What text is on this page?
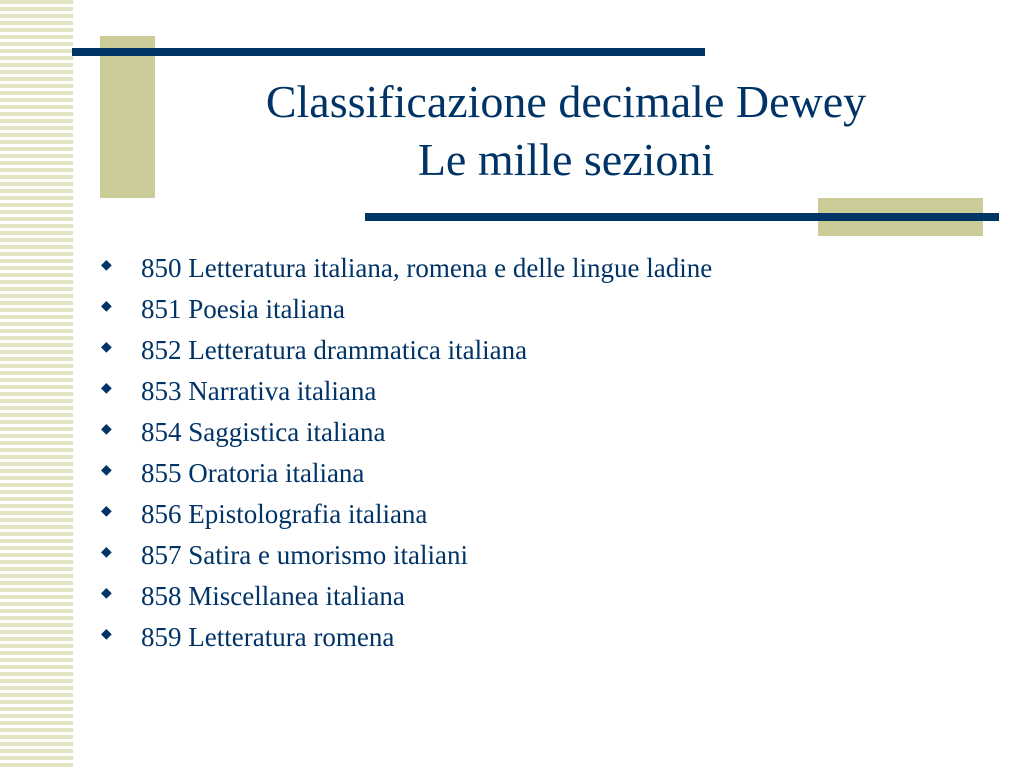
Classificazione decimale Dewey
Le mille sezioni
◆ 850 Letteratura italiana, romena e delle lingue ladine
◆ 851 Poesia italiana
◆ 852 Letteratura drammatica italiana
◆ 853 Narrativa italiana
◆ 854 Saggistica italiana
◆ 855 Oratoria italiana
◆ 856 Epistolografia italiana
◆ 857 Satira e umorismo italiani
◆ 858 Miscellanea italiana
◆ 859 Letteratura romena
